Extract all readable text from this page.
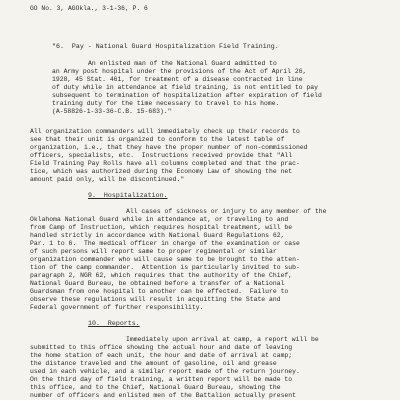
GO No. 3, AGOkla., 3-1-36, P. 6
"6.  Pay - National Guard Hospitalization Field Training.
An enlisted man of the National Guard admitted to
an Army post hospital under the provisions of the Act of April 26,
1928, 45 Stat. 461, for treatment of a disease contracted in line
of duty while in attendance at field training, is not entitled to pay
subsequent to termination of hospitalization after expiration of field
training duty for the time necessary to travel to his home.
(A-58826-1-33-36-C.B. 15-683)."
All organization commanders will immediately check up their records to
see that their unit is organized to conform to the latest table of
organization, i.e., that they have the proper number of non-commissioned
officers, specialists, etc.  Instructions received provide that "All
Field Training Pay Rolls have all columns completed and that the prac-
tice, which was authorized during the Economy Law of showing the net
amount paid only, will be discontinued."
9.  Hospitalization.
All cases of sickness or injury to any member of the
Oklahoma National Guard while in attendance at, or traveling to and
from Camp of Instruction, which requires hospital treatment, will be
handled strictly in accordance with National Guard Regulations 62,
Par. 1 to 6.  The medical officer in charge of the examination or case
of such persons will report same to proper regimental or similar
organization commander who will cause same to be brought to the atten-
tion of the camp commander.  Attention is particularly invited to sub-
paragraph 2, NGR 62, which requires that the authority of the Chief,
National Guard Bureau, be obtained before a transfer of a National
Guardsman from one hospital to another can be effected.  Failure to
observe these regulations will result in acquitting the State and
Federal government of further responsibility.
10.  Reports.
Immediately upon arrival at camp, a report will be
submitted to this office showing the actual hour and date of leaving
the home station of each unit, the hour and date of arrival at camp;
the distance traveled and the amount of gasoline, oil and grease
used in each vehicle, and a similar report made of the return journey.
On the third day of field training, a written report will be made to
this office, and to the Chief, National Guard Bureau, showing the
number of officers and enlisted men of the Battalion actually present
